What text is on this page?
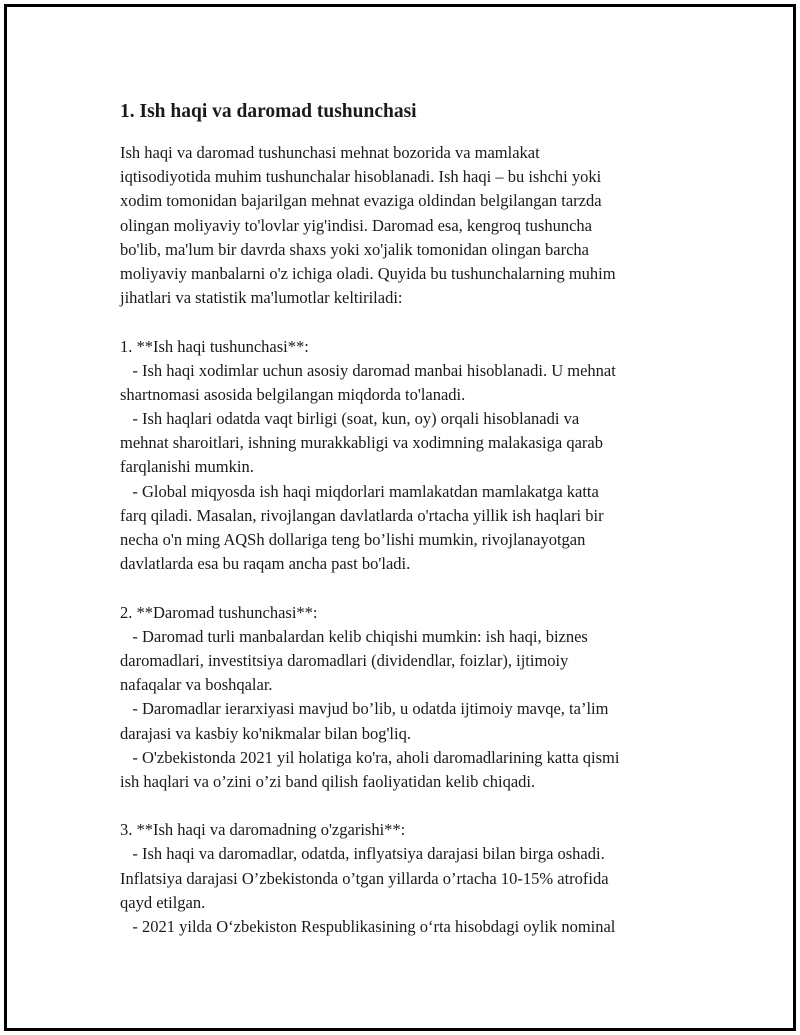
1. Ish haqi va daromad tushunchasi
Ish haqi va daromad tushunchasi mehnat bozorida va mamlakat
iqtisodiyotida muhim tushunchalar hisoblanadi. Ish haqi – bu ishchi yoki
xodim tomonidan bajarilgan mehnat evaziga oldindan belgilangan tarzda
olingan moliyaviy to'lovlar yig'indisi. Daromad esa, kengroq tushuncha
bo'lib, ma'lum bir davrda shaxs yoki xo'jalik tomonidan olingan barcha
moliyaviy manbalarni o'z ichiga oladi. Quyida bu tushunchalarning muhim
jihatlari va statistik ma'lumotlar keltiriladi:
1. **Ish haqi tushunchasi**:
- Ish haqi xodimlar uchun asosiy daromad manbai hisoblanadi. U mehnat
shartnomasi asosida belgilangan miqdorda to'lanadi.
- Ish haqlari odatda vaqt birligi (soat, kun, oy) orqali hisoblanadi va
mehnat sharoitlari, ishning murakkabligi va xodimning malakasiga qarab
farqlanishi mumkin.
- Global miqyosda ish haqi miqdorlari mamlakatdan mamlakatga katta
farq qiladi. Masalan, rivojlangan davlatlarda o'rtacha yillik ish haqlari bir
necha o'n ming AQSh dollariga teng bo’lishi mumkin, rivojlanayotgan
davlatlarda esa bu raqam ancha past bo'ladi.
2. **Daromad tushunchasi**:
- Daromad turli manbalardan kelib chiqishi mumkin: ish haqi, biznes
daromadlari, investitsiya daromadlari (dividendlar, foizlar), ijtimoiy
nafaqalar va boshqalar.
- Daromadlar ierarxiyasi mavjud bo’lib, u odatda ijtimoiy mavqe, ta’lim
darajasi va kasbiy ko'nikmalar bilan bog'liq.
- O'zbekistonda 2021 yil holatiga ko'ra, aholi daromadlarining katta qismi
ish haqlari va o’zini o’zi band qilish faoliyatidan kelib chiqadi.
3. **Ish haqi va daromadning o'zgarishi**:
- Ish haqi va daromadlar, odatda, inflyatsiya darajasi bilan birga oshadi.
Inflatsiya darajasi O’zbekistonda o’tgan yillarda o’rtacha 10-15% atrofida
qayd etilgan.
- 2021 yilda Oʻzbekiston Respublikasining oʻrta hisobdagi oylik nominal
